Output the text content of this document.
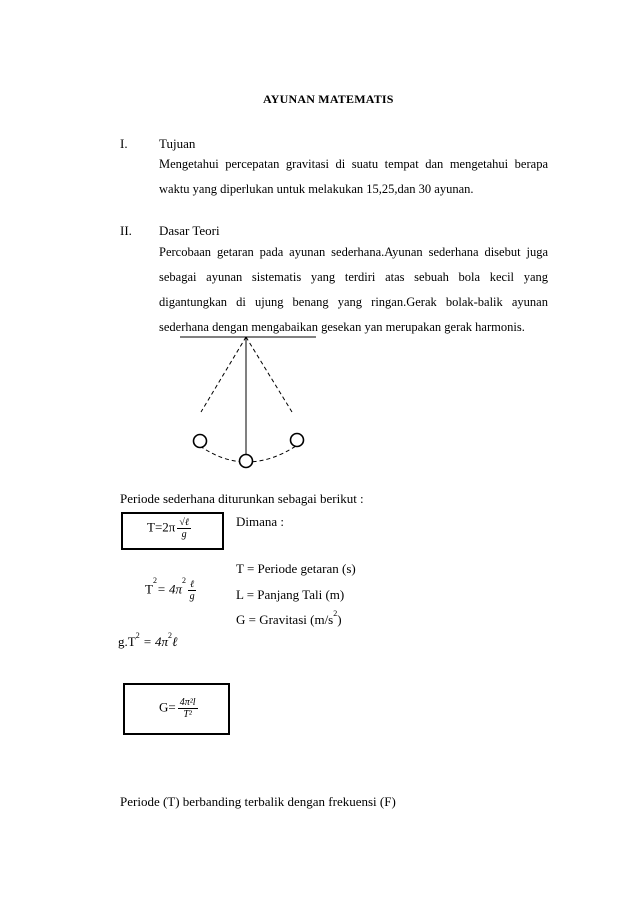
AYUNAN MATEMATIS
I. Tujuan
Mengetahui percepatan gravitasi di suatu tempat dan mengetahui berapa
waktu yang diperlukan untuk melakukan 15,25,dan 30 ayunan.
II. Dasar Teori
Percobaan getaran pada ayunan sederhana.Ayunan sederhana disebut juga
sebagai ayunan sistematis yang terdiri atas sebuah bola kecil yang
digantungkan di ujung benang yang ringan.Gerak bolak-balik ayunan
sederhana dengan mengabaikan gesekan yan merupakan gerak harmonis.
Periode sederhana diturunkan sebagai berikut :
$T=2\pi \frac{\text{√ℓ}}{g}$	Dimana :
T = Periode getaran (s)
L = Panjang Tali (m)
G = Gravitasi $(m/s^2)$
$T^2= 4\pi^2 \frac{\text{ℓ}}{g}$
$g.T^2$ = $4\pi^2\ell$
$G= \frac{\text{4π²l}}{\text{T²}}$
Periode (T) berbanding terbalik dengan frekuensi (F)
